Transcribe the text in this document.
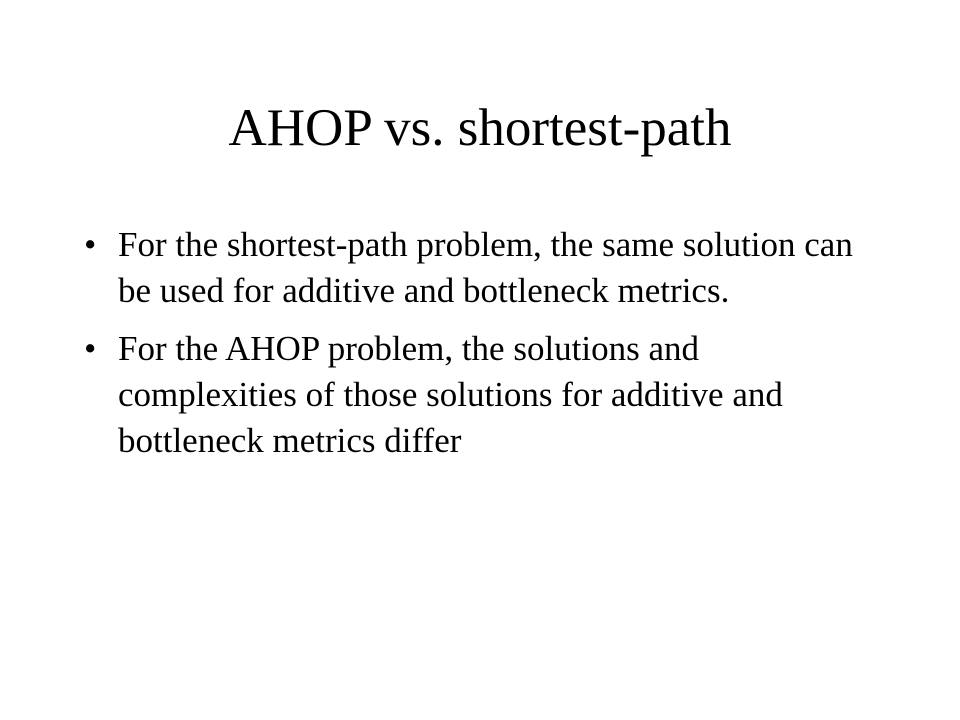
AHOP vs. shortest-path
• For the shortest-path problem, the same solution can be used for additive and bottleneck metrics.
• For the AHOP problem, the solutions and complexities of those solutions for additive and bottleneck metrics differ
